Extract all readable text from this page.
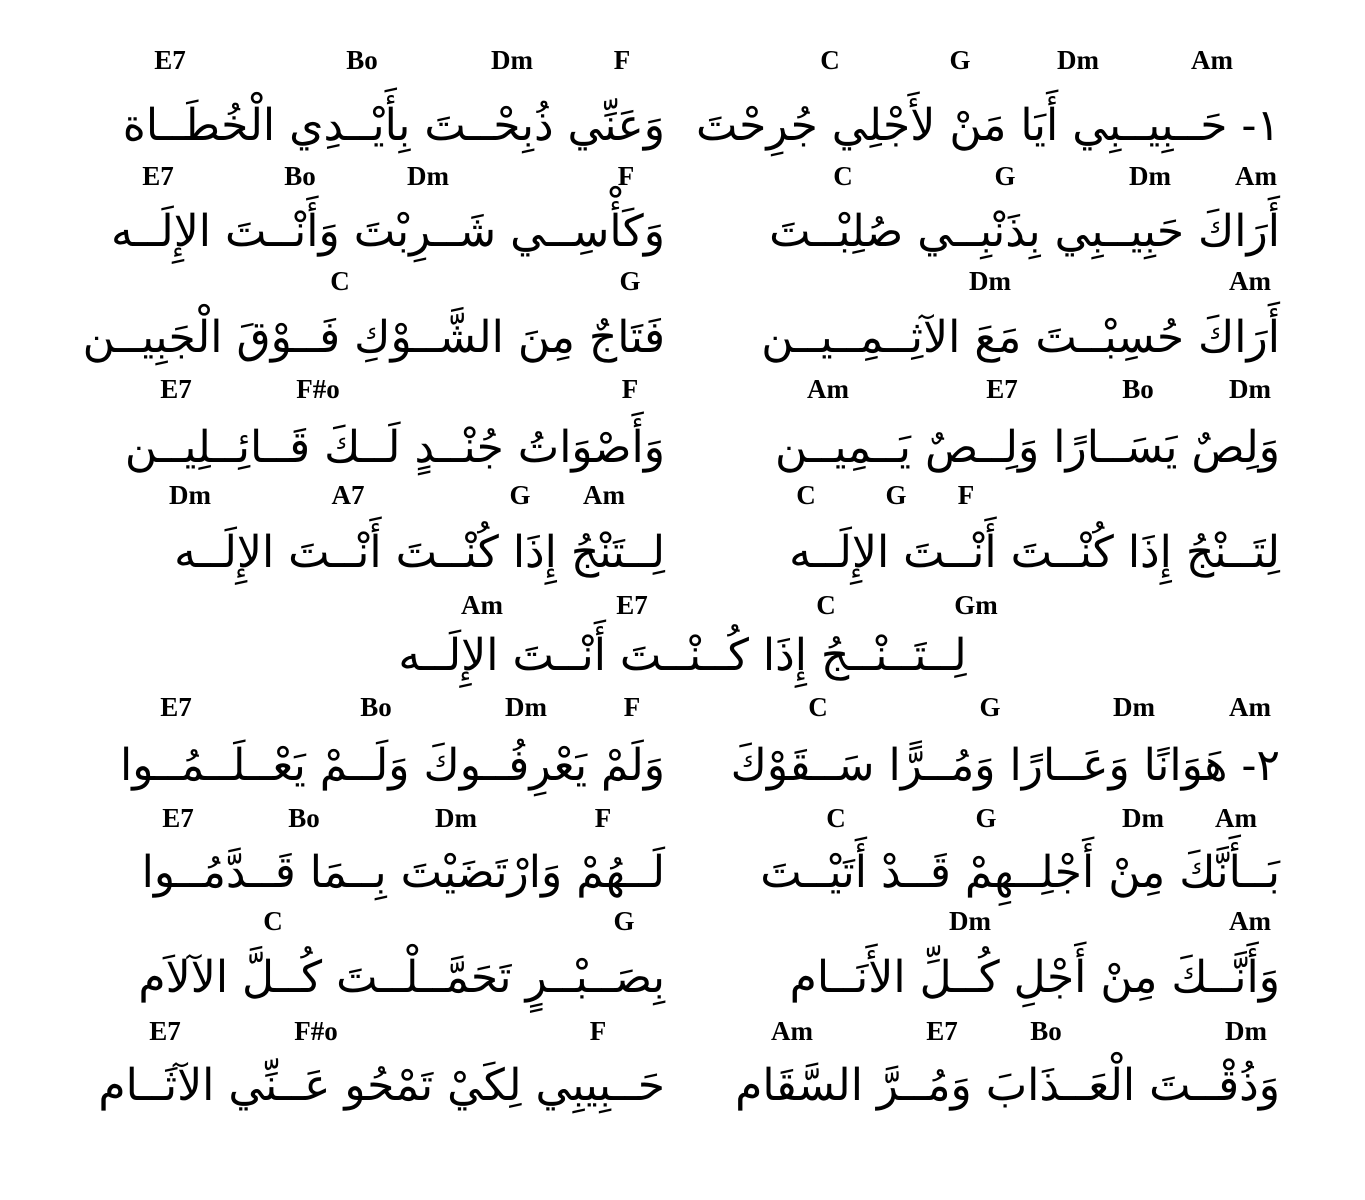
E7	Bo	Dm	F	C	G	Dm	Am
١- حَــبِيــبِي أَيَا مَنْ لأَجْلِي جُرِحْتَ
وَعَنِّي ذُبِحْــتَ بِأَيْــدِي الْخُطَــاة
E7	Bo	Dm	F	C	G	Dm Am
أَرَاكَ حَبِيــبِي بِذَنْبِــي صُلِبْــتَ
وَكَأْسِــي شَــرِبْتَ وَأَنْــتَ الإِلَــه
C	G	Dm	Am
أَرَاكَ حُسِبْــتَ مَعَ الآثِــمِــيــن
فَتَاجٌ مِنَ الشَّــوْكِ فَــوْقَ الْجَبِيــن
E7	F#o	F	Am	E7	Bo	Dm
وَلِصٌ يَسَــارًا وَلِــصٌ يَــمِيــن
وَأَصْوَاتُ جُنْــدٍ لَــكَ قَــائِــلِيــن
Dm	A7	G Am	C	G F
لِتَــنْجُ إِذَا كُنْــتَ أَنْــتَ الإِلَــه
لِــتَنْجُ إِذَا كُنْــتَ أَنْــتَ الإِلَــه
Am	E7	C	Gm
لِــتَــنْــجُ إِذَا كُــنْــتَ أَنْــتَ الإِلَــه
E7	Bo	Dm	F	C	G	Dm	Am
٢- هَوَانًا وَعَــارًا وَمُــرًّا سَــقَوْكَ
وَلَمْ يَعْرِفُــوكَ وَلَــمْ يَعْــلَــمُــوا
E7	Bo	Dm	F	C	G	Dm Am
بَــأَنَّكَ مِنْ أَجْلِــهِمْ قَــدْ أَتَيْــتَ
لَــهُمْ وَارْتَضَيْتَ بِــمَا قَــدَّمُــوا
C	G	Dm	Am
وَأَنَّــكَ مِنْ أَجْلِ كُــلِّ الأَنَــام
بِصَــبْــرٍ تَحَمَّــلْــتَ كُــلَّ الآلاَم
E7	F#o	F	Am	E7	Bo	Dm
وَذُقْــتَ الْعَــذَابَ وَمُــرَّ السَّقَام
حَــبِيبِي لِكَيْ تَمْحُو عَــنِّي الآثَــام
